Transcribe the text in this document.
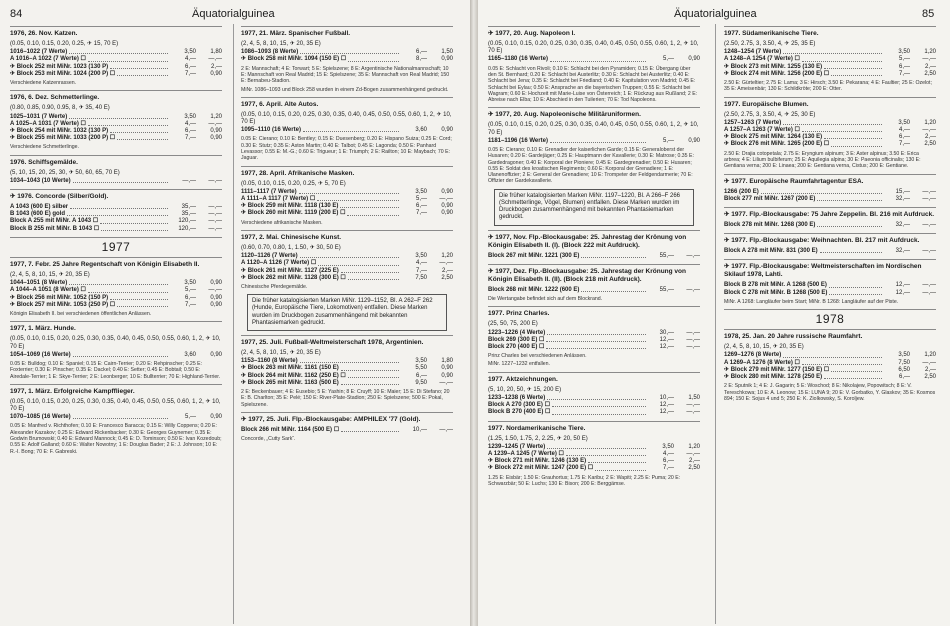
84	Äquatorialguinea
1976, 26. Nov. Katzen.
(0.05, 0.10, 0.15, 0.20, 0.25, ✈ 15, 70 E)
1016–1022 (7 Werte)	3,50	1,80
A 1016–A 1022 (7 Werte) ☐	4,—	—,—
✈ Block 252 mit MiNr. 1023 (130 P)	6,—	2,—
✈ Block 253 mit MiNr. 1024 (200 P) ☐	7,—	0,90
Verschiedene Katzenrassen.
1976, 6. Dez. Schmetterlinge.
(0.80, 0.85, 0.90, 0.95, 8, ✈ 35, 40 E)
1025–1031 (7 Werte)	3,50	1,20
A 1025–A 1031 (7 Werte) ☐	4,—	—,—
✈ Block 254 mit MiNr. 1032 (130 P)	6,—	0,90
✈ Block 255 mit MiNr. 1033 (200 P) ☐	7,—	0,90
Verschiedene Schmetterlinge.
1976. Schiffsgemälde.
(5, 10, 15, 20, 25, 30, ✈ 50, 60, 65, 70 E)
1034–1043 (10 Werte)	—,—	—,—
✈ 1976. Concorde (Silber/Gold).
A 1043 (600 E) silber	35,—	—,—
B 1043 (600 E) gold	35,—	—,—
Block A 255 mit MiNr. A 1043 ☐	120,—	—,—
Block B 255 mit MiNr. B 1043 ☐	120,—	—,—
1977
1977, 7. Febr. 25 Jahre Regentschaft von Königin Elisabeth II.
(2, 4, 5, 8, 10, 15, ✈ 20, 35 E)
1044–1051 (8 Werte)	3,50	0,90
A 1044–A 1051 (8 Werte) ☐	5,—	—,—
✈ Block 256 mit MiNr. 1052 (150 P)	6,—	0,90
✈ Block 257 mit MiNr. 1053 (250 P) ☐	7,—	0,90
Königin Elisabeth II. bei verschiedenen öffentlichen Anlässen.
1977, 1. März. Hunde.
(0.05, 0.10, 0.15, 0.20, 0.25, 0.30, 0.35, 0.40, 0.45, 0.50, 0.55, 0.60, 1, 2, ✈ 10, 70 E)
1054–1069 (16 Werte)	3,60	0,90
0.05 E: Bulldog; 0.10 E: Spaniel; 0.15 E: Cairn-Terrier; 0.20 E: Rehpinscher; 0.25 E: Foxterrier; 0.30 E: Pinscher; 0.35 E: Dackel; 0.40 E: Setter; 0.45 E: Bobtail; 0.50 E: Airedale-Terrier; 1 E: Skye-Terrier; 2 E: Leonberger; 10 E: Bullterrier; 70 E: Highland-Terrier.
1977, 1. März. Erfolgreiche Kampfflieger.
(0.05, 0.10, 0.15, 0.20, 0.25, 0.30, 0.35, 0.40, 0.45, 0.50, 0.55, 0.60, 1, 2, ✈ 10, 70 E)
1070–1085 (16 Werte)	5,—	0,90
0.05 E: Manfred v. Richthofen; 0.10 E: Francesco Baracca; 0.15 E: Willy Coppens; 0.20 E: Alexander Kazakov; 0.25 E: Edward Rickenbacker; 0.30 E: Georges Guynemer; 0.35 E: Godwin Brumowski; 0.40 E: Edward Mannock; 0.45 E: D. Tominson; 0.50 E: Ivan Kozedoub; 0.55 E: Adolf Galland; 0.60 E: Walter Nowotny; 1 E: Douglas Bader; 2 E: J. Johnson; 10 E: R.-I. Bong; 70 E: F. Gabreski.
1977, 21. März. Spanischer Fußball.
(2, 4, 5, 8, 10, 15, ✈ 20, 35 E)
1086–1093 (8 Werte)	6,—	1,50
✈ Block 258 mit MiNr. 1094 (150 E) ☐	8,—	0,90
2 E: Mannschaft; 4 E: Torwart; 5 E: Spielszene; 8 E: Argentinische Nationalmannschaft; 10 E: Mannschaft von Real Madrid; 15 E: Spielszene; 35 E: Mannschaft von Real Madrid; 150 E: Bernabeu-Stadion.
MiNr. 1086–1093 und Block 258 wurden in einem Zd-Bogen zusammenhängend gedruckt.
1977, 6. April. Alte Autos.
(0.05, 0.10, 0.15, 0.20, 0.25, 0.30, 0.35, 0.40, 0.45, 0.50, 0.55, 0.60, 1, 2, ✈ 10, 70 E)
1095–1110 (16 Werte)	3,60	0,90
0.05 E: Cierano; 0.10 E: Bentley; 0.15 E: Duesenberg; 0.20 E: Hispano Suiza; 0.25 E: Cord; 0.30 E: Stutz; 0.35 E: Aston Martin; 0.40 E: Talbot; 0.45 E: Lagonda; 0.50 E: Panhard Levassor; 0.55 E: M.-G.; 0.60 E: Trigueur; 1 E: Triumph; 2 E: Railton; 10 E: Maybach; 70 E: Jaguar.
1977, 28. April. Afrikanische Masken.
(0.05, 0.10, 0.15, 0.20, 0.25, ✈ 5, 70 E)
1111–1117 (7 Werte)	3,50	0,90
A 1111–A 1117 (7 Werte) ☐	5,—	—,—
✈ Block 259 mit MiNr. 1118 (130 E)	6,—	0,90
✈ Block 260 mit MiNr. 1119 (200 E) ☐	7,—	0,90
Verschiedene afrikanische Masken.
1977, 2. Mai. Chinesische Kunst.
(0.60, 0.70, 0.80, 1, 1.50, ✈ 30, 50 E)
1120–1126 (7 Werte)	3,50	1,20
A 1120–A 1126 (7 Werte) ☐	4,—	—,—
✈ Block 261 mit MiNr. 1127 (225 E)	7,—	2,—
✈ Block 262 mit MiNr. 1128 (300 E) ☐	7,50	2,50
Chinesische Pferdegemälde.
Die früher katalogisierten Marken MiNr. 1129–1152, Bl. A 262–F 262 (Hunde, Europäische Tiere, Lokomotiven) entfallen. Diese Marken wurden im Druckbogen zusammenhängend mit bekannten Phantasiemarken gedruckt.
1977, 25. Juli. Fußball-Weltmeisterschaft 1978, Argentinien.
(2, 4, 5, 8, 10, 15, ✈ 20, 35 E)
1153–1160 (8 Werte)	3,50	1,80
✈ Block 263 mit MiNr. 1161 (150 E)	5,50	0,90
✈ Block 264 mit MiNr. 1162 (250 E) ☐	6,—	0,90
✈ Block 265 mit MiNr. 1163 (500 E)	9,50	—,—
2 E: Beckenbauer; 4 E: Eusebio; 5 E: Yashin; 8 E: Cruyff; 10 E: Maier; 15 E: Di Stefano; 20 E: B. Charlton; 35 E: Pelé; 150 E: River-Plate-Stadion; 250 E: Spielszene; 500 E: Pokal, Spielszene.
✈ 1977, 25. Juli. Flp.-Blockausgabe: AMPHILEX '77 (Gold).
Block 266 mit MiNr. 1164 (500 E) ☐	10,—	—,—
Concorde, „Cutty Sark“.
Äquatorialguinea	85
✈ 1977, 20. Aug. Napoleon I.
(0.05, 0.10, 0.15, 0.20, 0.25, 0.30, 0.35, 0.40, 0.45, 0.50, 0.55, 0.60, 1, 2, ✈ 10, 70 E)
1165–1180 (16 Werte)	5,—	0,90
0.05 E: Schlacht von Rivoli; 0.10 E: Schlacht bei den Pyramiden; 0.15 E: Übergang über den St. Bernhard; 0.20 E: Schlacht bei Austerlitz; 0.30 E: Schlacht bei Austerlitz; 0.40 E: Schlacht bei Jena; 0.35 E: Schlacht bei Friedland; 0.40 E: Kapitulation von Madrid; 0.45 E: Schlacht bei Eylau; 0.50 E: Ansprache an die bayerischen Truppen; 0.55 E: Schlacht bei Wagram; 0.60 E: Hochzeit mit Marie-Luise von Österreich; 1 E: Rückzug aus Rußland; 2 E: Abreise nach Elba; 10 E: Abschied in den Tuilerien; 70 E: Tod Napoleons.
✈ 1977, 20. Aug. Napoleonische Militäruniformen.
(0.05, 0.10, 0.15, 0.20, 0.25, 0.30, 0.35, 0.40, 0.45, 0.50, 0.55, 0.60, 1, 2, ✈ 10, 70 E)
1181–1196 (16 Werte)	5,—	0,90
0.05 E: Cierano; 0.10 E: Grenadier der kaiserlichen Garde; 0.15 E: Generaloberst der Husaren; 0.20 E: Gardejäger; 0.25 E: Hauptmann der Kavallerie; 0.30 E: Matrose; 0.35 E: Gardedragoner; 0.40 E: Korporal der Pioniere; 0.45 E: Gardegrenadier; 0.50 E: Husaren; 0.55 E: Soldat des kroatischen Regiments; 0.60 E: Korporal der Grenadiere; 1 E: Ulanenoffizier; 2 E: General der Grenadiere; 10 E: Trompeter der Feldgendarmerie; 70 E: Offizier der Gardekavallerie.
Die früher katalogisierten Marken MiNr. 1197–1220, Bl. A 266–F 266 (Schmetterlinge, Vögel, Blumen) entfallen. Diese Marken wurden im Druckbogen zusammenhängend mit bekannten Phantasiemarken gedruckt.
✈ 1977, Nov. Flp.-Blockausgabe: 25. Jahrestag der Krönung von Königin Elisabeth II. (I). (Block 222 mit Aufdruck).
Block 267 mit MiNr. 1221 (300 E)	55,—	—,—
✈ 1977, Dez. Flp.-Blockausgabe: 25. Jahrestag der Krönung von Königin Elisabeth II. (II). (Block 218 mit Aufdruck).
Block 268 mit MiNr. 1222 (600 E)	55,—	—,—
Die Wertangabe befindet sich auf dem Blockrand.
1977. Prinz Charles.
(25, 50, 75, 200 E)
1223–1226 (4 Werte)	30,—	—,—
Block 269 (300 E) ☐	12,—	—,—
Block 270 (400 E) ☐	12,—	—,—
Prinz Charles bei verschiedenen Anlässen.
MiNr. 1227–1232 entfallen.
1977. Aktzeichnungen.
(5, 10, 20, 50, ✈ 15, 200 E)
1233–1238 (6 Werte)	10,—	1,50
Block A 270 (300 E) ☐	12,—	—,—
Block B 270 (400 E) ☐	12,—	—,—
1977. Nordamerikanische Tiere.
(1.25, 1.50, 1.75, 2, 2.25, ✈ 20, 50 E)
1239–1245 (7 Werte)	3,50	1,20
A 1239–A 1245 (7 Werte) ☐	4,—	—,—
✈ Block 271 mit MiNr. 1246 (130 E)	6,—	2,—
✈ Block 272 mit MiNr. 1247 (200 E) ☐	7,—	2,50
1.25 E: Eisbär; 1.50 E: Grauhortus; 1.75 E: Karibu; 2 E: Wapiti; 2.25 E: Puma; 20 E: Schwarzbär; 50 E: Luchs; 130 E: Bison; 200 E: Berggämse.
1977. Südamerikanische Tiere.
(2.50, 2.75, 3, 3.50, 4, ✈ 25, 35 E)
1248–1254 (7 Werte)	3,50	1,20
A 1248–A 1254 (7 Werte) ☐	5,—	—,—
✈ Block 273 mit MiNr. 1255 (130 E)	6,—	2,—
✈ Block 274 mit MiNr. 1256 (200 E) ☐	7,—	2,50
2.50 E: Gürteltier; 2.75 E: Lama; 3 E: Hirsch; 3.50 E: Pekarana; 4 E: Faultier; 25 E: Ozelot; 35 E: Ameisenbär; 130 E: Schildkröte; 200 E: Otter.
1977. Europäische Blumen.
(2.50, 2.75, 3, 3.50, 4, ✈ 25, 30 E)
1257–1263 (7 Werte)	3,50	1,20
A 1257–A 1263 (7 Werte) ☐	4,—	—,—
✈ Block 275 mit MiNr. 1264 (130 E)	6,—	2,—
✈ Block 276 mit MiNr. 1265 (200 E) ☐	7,—	2,50
2.50 E: Drajia cotopetala; 2.75 E: Eryngium alpinum; 3 E: Aster alpinus; 3.50 E: Erica arbrea; 4 E: Lilium bulbiferum; 25 E: Aquilegia alpina; 30 E: Paeonia officinalis; 130 E: Gentiana verna; 200 E: Linaea; 200 E: Gentiana verna, Cistus; 200 E: Gentiane.
✈ 1977. Europäische Raumfahrtagentur ESA.
1266 (200 E)	15,—	—,—
Block 277 mit MiNr. 1267 (200 E)	32,—	—,—
✈ 1977. Flp.-Blockausgabe: 75 Jahre Zeppelin. Bl. 216 mit Aufdruck.
Block 278 mit MiNr. 1268 (300 E)	32,—	—,—
✈ 1977. Flp.-Blockausgabe: Weihnachten. Bl. 217 mit Aufdruck.
Block A 278 mit MiNr. 831 (300 E)	32,—	—,—
✈ 1977. Flp.-Blockausgabe: Weltmeisterschaften im Nordischen Skilauf 1978, Lahti.
Block B 278 mit MiNr. A 1268 (500 E)	12,—	—,—
Block C 278 mit MiNr. B 1268 (500 E)	12,—	—,—
MiNr. A 1268: Langläufer beim Start; MiNr. B 1268: Langläufer auf der Piste.
1978
1978, 25. Jan. 20 Jahre russische Raumfahrt.
(2, 4, 5, 8, 10, 15, ✈ 20, 35 E)
1269–1276 (8 Werte)	3,50	1,20
A 1269–A 1276 (8 Werte) ☐	7,50	—,—
✈ Block 279 mit MiNr. 1277 (150 E) ☐	6,50	2,—
✈ Block 280 mit MiNr. 1278 (250 E)	6,—	2,50
2 E: Sputnik 1; 4 E: J. Gagarin; 5 E: Woschod; 8 E: Nikolajew, Popowitsch; 8 E: V. Tereschkowa; 10 E: A. Leonow; 15 E: LUNA 9; 20 E: V. Gorbatko, Y. Glaskov; 35 E: Kosmos 894; 150 E: Sojus 4 und 5; 250 E: K. Ziolkowsky, S. Koroljew.
